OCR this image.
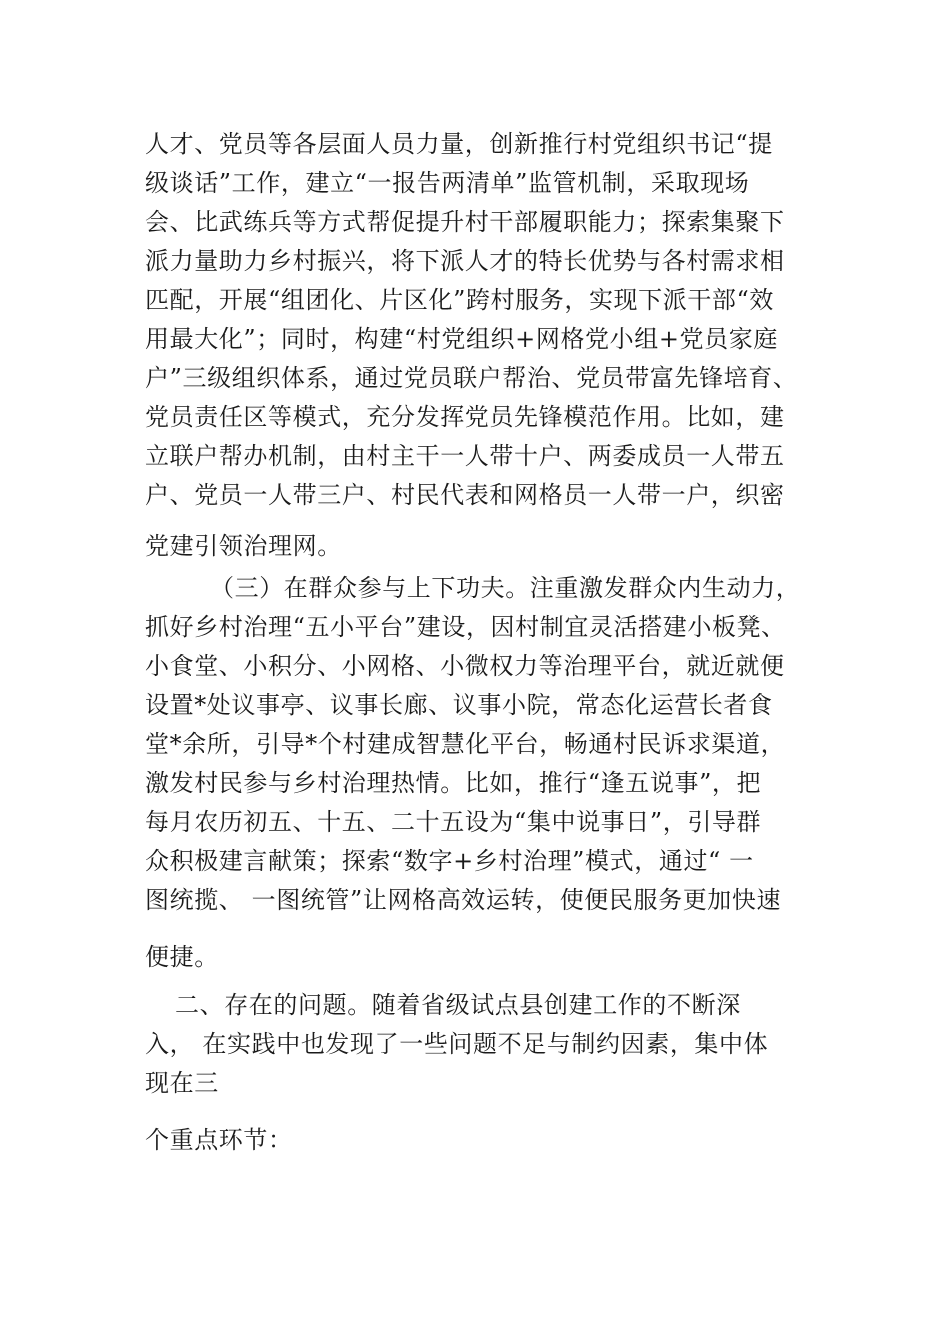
人才、党员等各层面人员力量，创新推行村党组织书记“提
级谈话”工作，建立“一报告两清单”监管机制，采取现场
会、比武练兵等方式帮促提升村干部履职能力；探索集聚下
派力量助力乡村振兴，将下派人才的特长优势与各村需求相
匹配，开展“组团化、片区化”跨村服务，实现下派干部“效
用最大化”；同时，构建“村党组织+网格党小组+党员家庭
户”三级组织体系，通过党员联户帮治、党员带富先锋培育、
党员责任区等模式，充分发挥党员先锋模范作用。比如，建
立联户帮办机制，由村主干一人带十户、两委成员一人带五
户、党员一人带三户、村民代表和网格员一人带一户，织密
党建引领治理网。
（三）在群众参与上下功夫。注重激发群众内生动力，
抓好乡村治理“五小平台”建设，因村制宜灵活搭建小板凳、
小食堂、小积分、小网格、小微权力等治理平台，就近就便
设置*处议事亭、议事长廊、议事小院，常态化运营长者食
堂*余所，引导*个村建成智慧化平台，畅通村民诉求渠道，
激发村民参与乡村治理热情。比如，推行“逢五说事”，把
每月农历初五、十五、二十五设为“集中说事日”，引导群
众积极建言献策；探索“数字+乡村治理”模式，通过“ 一
图统揽、 一图统管”让网格高效运转，使便民服务更加快速
便捷。
二、存在的问题。随着省级试点县创建工作的不断深
入， 在实践中也发现了一些问题不足与制约因素，集中体
现在三
个重点环节：
